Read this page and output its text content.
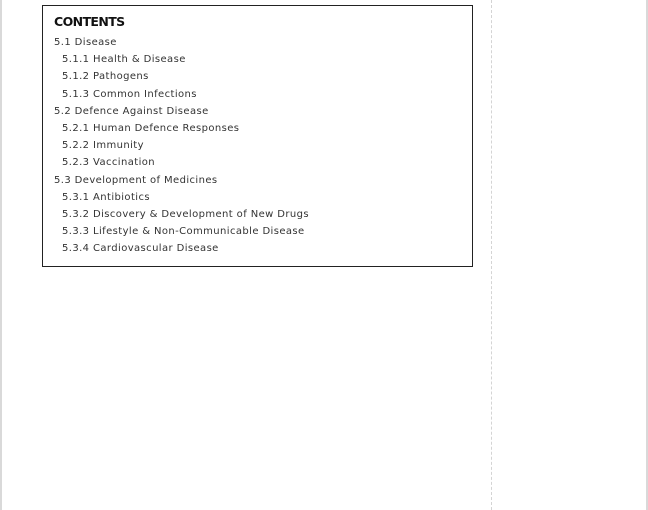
CONTENTS
5.1 Disease
5.1.1 Health & Disease
5.1.2 Pathogens
5.1.3 Common Infections
5.2 Defence Against Disease
5.2.1 Human Defence Responses
5.2.2 Immunity
5.2.3 Vaccination
5.3 Development of Medicines
5.3.1 Antibiotics
5.3.2 Discovery & Development of New Drugs
5.3.3 Lifestyle & Non-Communicable Disease
5.3.4 Cardiovascular Disease
